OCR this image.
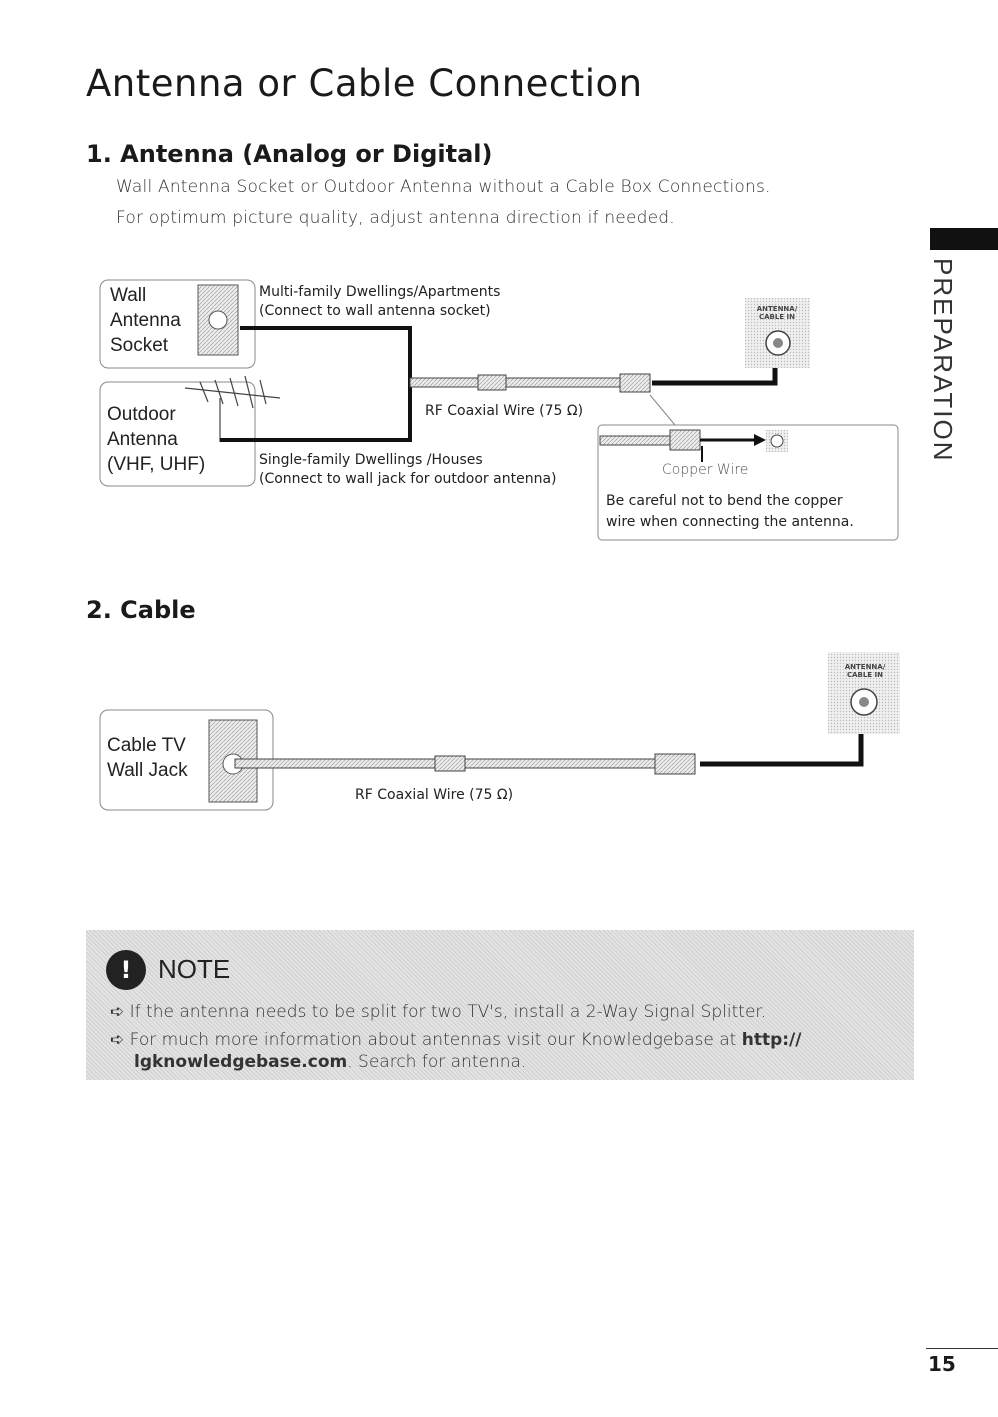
Antenna or Cable Connection
PREPARATION
1. Antenna (Analog or Digital)
Wall Antenna Socket or Outdoor Antenna without a Cable Box Connections.
For optimum picture quality, adjust antenna direction if needed.
Wall
Antenna
Socket
Outdoor
Antenna
(VHF, UHF)
Multi-family Dwellings/Apartments
(Connect to wall antenna socket)
RF Coaxial Wire (75 Ω)
Single-family Dwellings /Houses
(Connect to wall jack for outdoor antenna)
ANTENNA/
CABLE IN
Copper Wire
Be careful not to bend the copper
wire when connecting the antenna.
2. Cable
Cable TV
Wall Jack
RF Coaxial Wire (75 Ω)
ANTENNA/
CABLE IN
!	NOTE
➪ If the antenna needs to be split for two TV's, install a 2-Way Signal Splitter.
➪ For much more information about antennas visit our Knowledgebase at http://
lgknowledgebase.com. Search for antenna.
15
